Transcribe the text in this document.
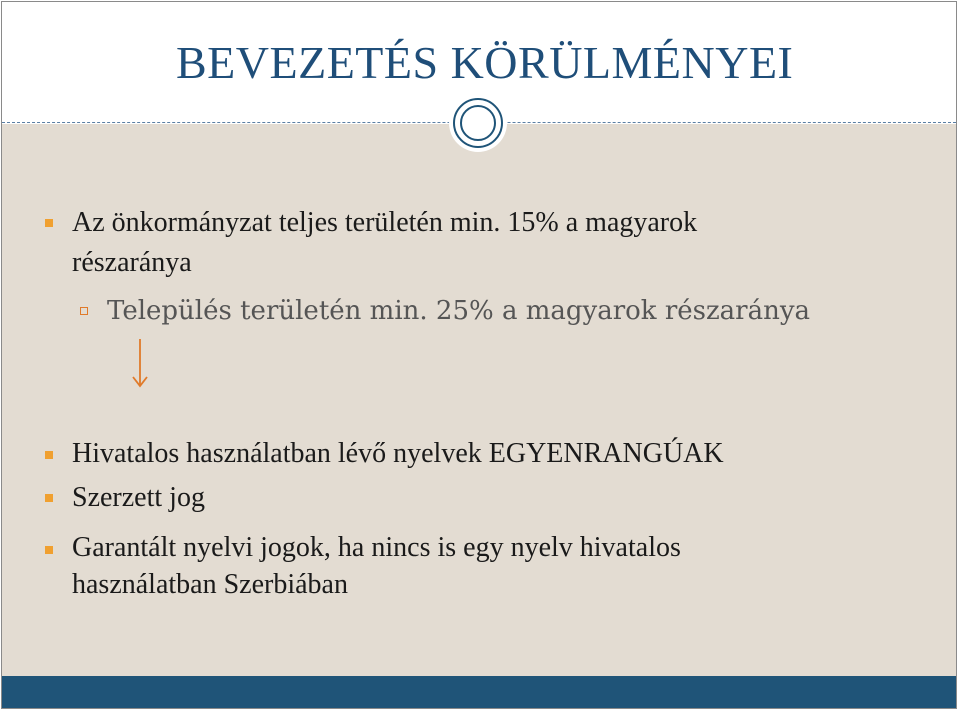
BEVEZETÉS KÖRÜLMÉNYEI
Az önkormányzat teljes területén min. 15% a magyarok
részaránya
Település területén min. 25% a magyarok részaránya
Hivatalos használatban lévő nyelvek EGYENRANGÚAK
Szerzett jog
Garantált nyelvi jogok, ha nincs is egy nyelv hivatalos
használatban Szerbiában
